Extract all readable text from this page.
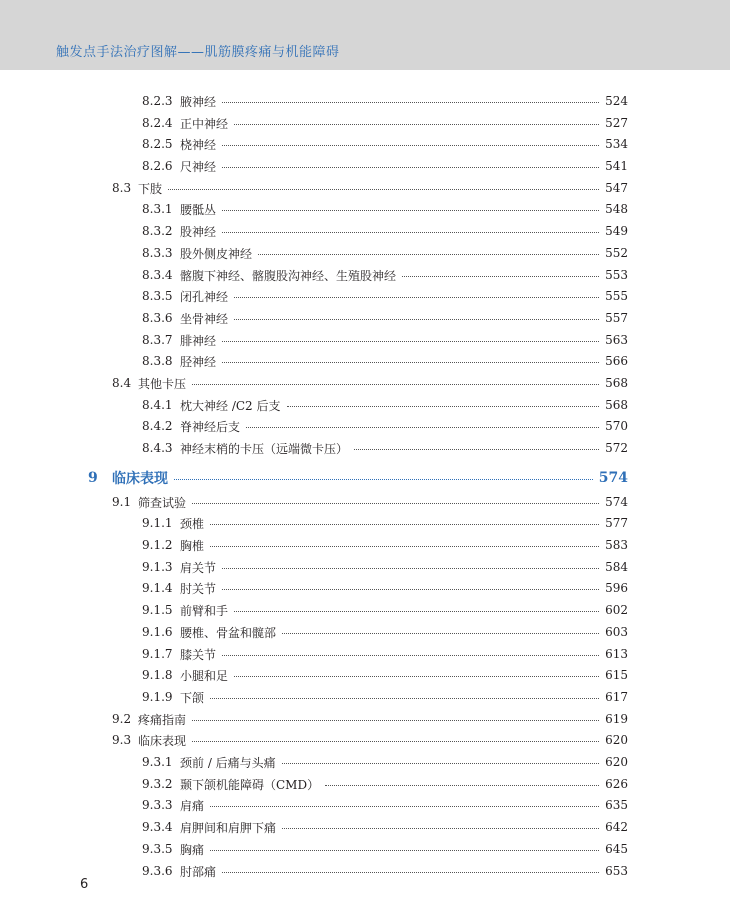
触发点手法治疗图解——肌筋膜疼痛与机能障碍
8.2.3 腋神经	524
8.2.4 正中神经	527
8.2.5 桡神经	534
8.2.6 尺神经	541
8.3 下肢	547
8.3.1 腰骶丛	548
8.3.2 股神经	549
8.3.3 股外侧皮神经	552
8.3.4 髂腹下神经、髂腹股沟神经、生殖股神经	553
8.3.5 闭孔神经	555
8.3.6 坐骨神经	557
8.3.7 腓神经	563
8.3.8 胫神经	566
8.4 其他卡压	568
8.4.1 枕大神经 /C2 后支	568
8.4.2 脊神经后支	570
8.4.3 神经末梢的卡压（远端微卡压）	572
9	临床表现	574
9.1 筛查试验	574
9.1.1 颈椎	577
9.1.2 胸椎	583
9.1.3 肩关节	584
9.1.4 肘关节	596
9.1.5 前臂和手	602
9.1.6 腰椎、骨盆和髋部	603
9.1.7 膝关节	613
9.1.8 小腿和足	615
9.1.9 下颌	617
9.2 疼痛指南	619
9.3 临床表现	620
9.3.1 颈前 / 后痛与头痛	620
9.3.2 颞下颌机能障碍（CMD）	626
9.3.3 肩痛	635
9.3.4 肩胛间和肩胛下痛	642
9.3.5 胸痛	645
9.3.6 肘部痛	653
6
